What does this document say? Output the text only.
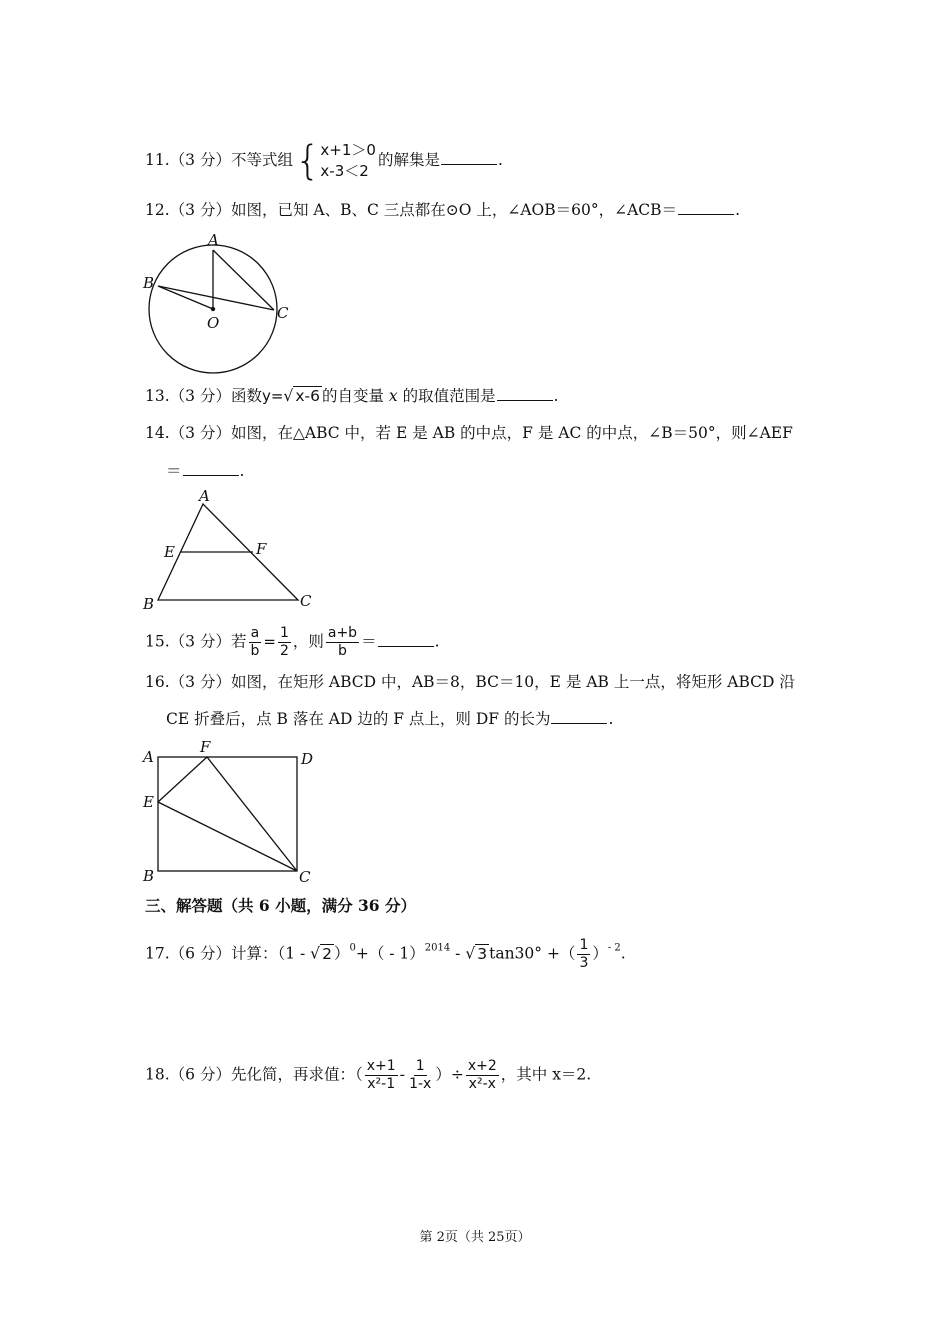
11.（3 分）不等式组 { x+1＞0
x-3＜2
的解集是	.
12.（3 分）如图，已知 A、B、C 三点都在⊙O 上，∠AOB＝60°，∠ACB＝	.
A
B
C
O
13.（3 分）函数y=√ x-6 的自变量 x 的取值范围是	.
14.（3 分）如图，在△ABC 中，若 E 是 AB 的中点，F 是 AC 的中点，∠B＝50°，则∠AEF
＝	.
A
B	C
E	F
15.（3 分）若 $\frac{a}{b} = \frac{1}{2}$ ，则 $\frac{a+b}{b}$ ＝	.
16.（3 分）如图，在矩形 ABCD 中，AB＝8，BC＝10，E 是 AB 上一点，将矩形 ABCD 沿
CE 折叠后，点 B 落在 AD 边的 F 点上，则 DF 的长为	.
A
F
D
E
B	C
三、解答题（共 6 小题，满分 36 分）
17.（6 分）计算：（1 - √ 2 ）$^0$+（ - 1）$^{2014}$ - √ 3 tan30° +（ $\frac{1}{3} )^{- 2}$.
18.（6 分）先化简，再求值：（ $\frac{x+1}{\text{x²-1}} - \frac{1}{1-x}$ ）÷ $\frac{x+2}{\text{x²-x}}$ ，其中 x＝2.
第 2页（共 25页）
